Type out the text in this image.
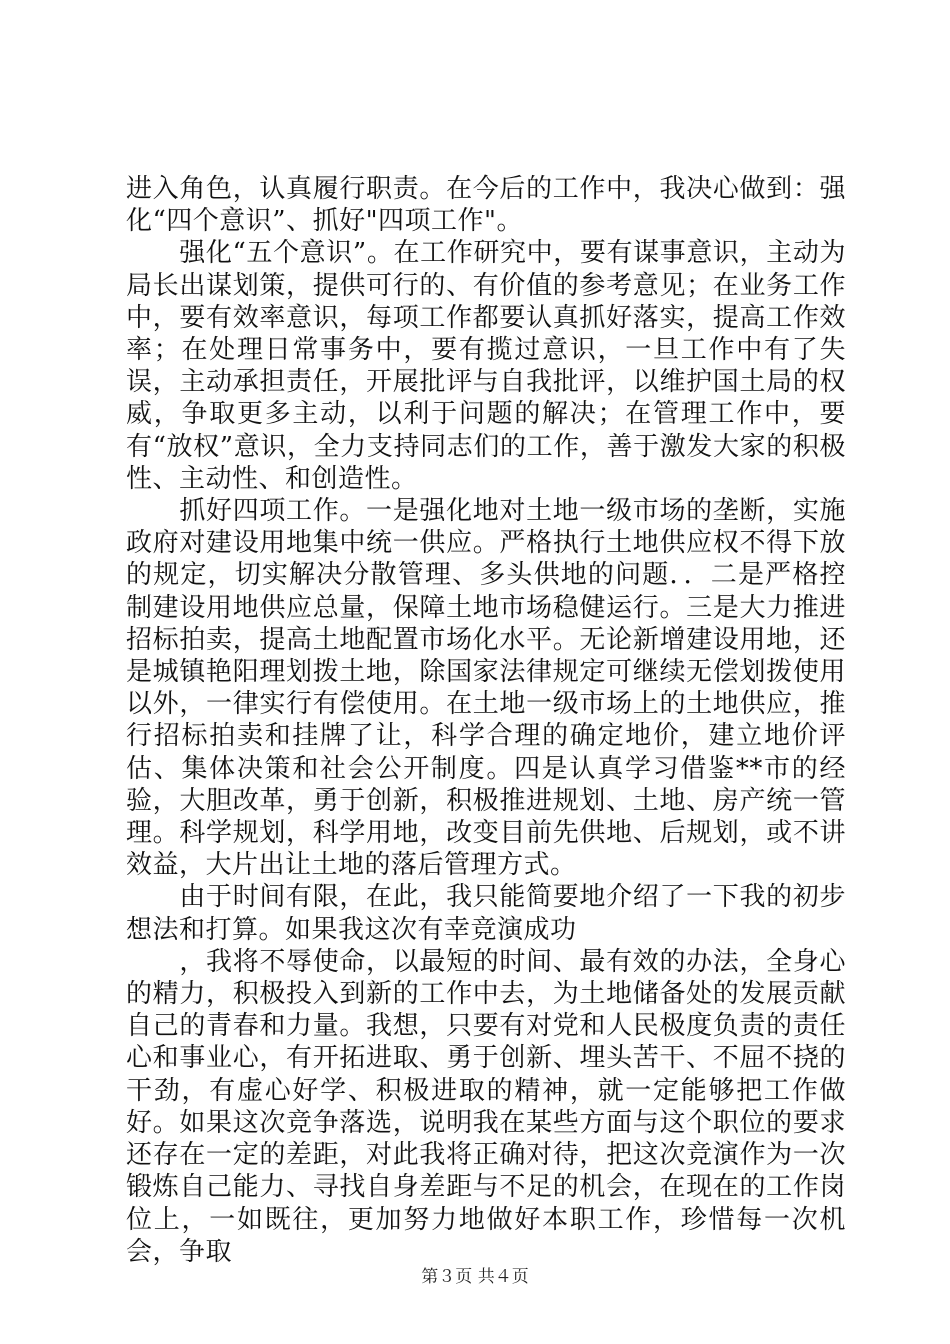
进入角色，认真履行职责。在今后的工作中，我决心做到：强化“四个意识”、抓好"四项工作"。

　　强化“五个意识”。在工作研究中，要有谋事意识，主动为局长出谋划策，提供可行的、有价值的参考意见；在业务工作中，要有效率意识，每项工作都要认真抓好落实，提高工作效率；在处理日常事务中，要有揽过意识，一旦工作中有了失误，主动承担责任，开展批评与自我批评，以维护国土局的权威，争取更多主动，以利于问题的解决；在管理工作中，要有“放权”意识，全力支持同志们的工作，善于激发大家的积极性、主动性、和创造性。

　　抓好四项工作。一是强化地对土地一级市场的垄断，实施政府对建设用地集中统一供应。严格执行土地供应权不得下放的规定，切实解决分散管理、多头供地的问题．．二是严格控制建设用地供应总量，保障土地市场稳健运行。三是大力推进招标拍卖，提高土地配置市场化水平。无论新增建设用地，还是城镇艳阳理划拨土地，除国家法律规定可继续无偿划拨使用以外，一律实行有偿使用。在土地一级市场上的土地供应，推行招标拍卖和挂牌了让，科学合理的确定地价，建立地价评估、集体决策和社会公开制度。四是认真学习借鉴**市的经验，大胆改革，勇于创新，积极推进规划、土地、房产统一管理。科学规划，科学用地，改变目前先供地、后规划，或不讲效益，大片出让土地的落后管理方式。

　　由于时间有限，在此，我只能简要地介绍了一下我的初步想法和打算。如果我这次有幸竞演成功
　　，我将不辱使命，以最短的时间、最有效的办法，全身心的精力，积极投入到新的工作中去，为土地储备处的发展贡献自己的青春和力量。我想，只要有对党和人民极度负责的责任心和事业心，有开拓进取、勇于创新、埋头苦干、不屈不挠的干劲，有虚心好学、积极进取的精神，就一定能够把工作做好。如果这次竞争落选，说明我在某些方面与这个职位的要求还存在一定的差距，对此我将正确对待，把这次竞演作为一次锻炼自己能力、寻找自身差距与不足的机会，在现在的工作岗位上，一如既往，更加努力地做好本职工作，珍惜每一次机会，争取

第３页 共４页
